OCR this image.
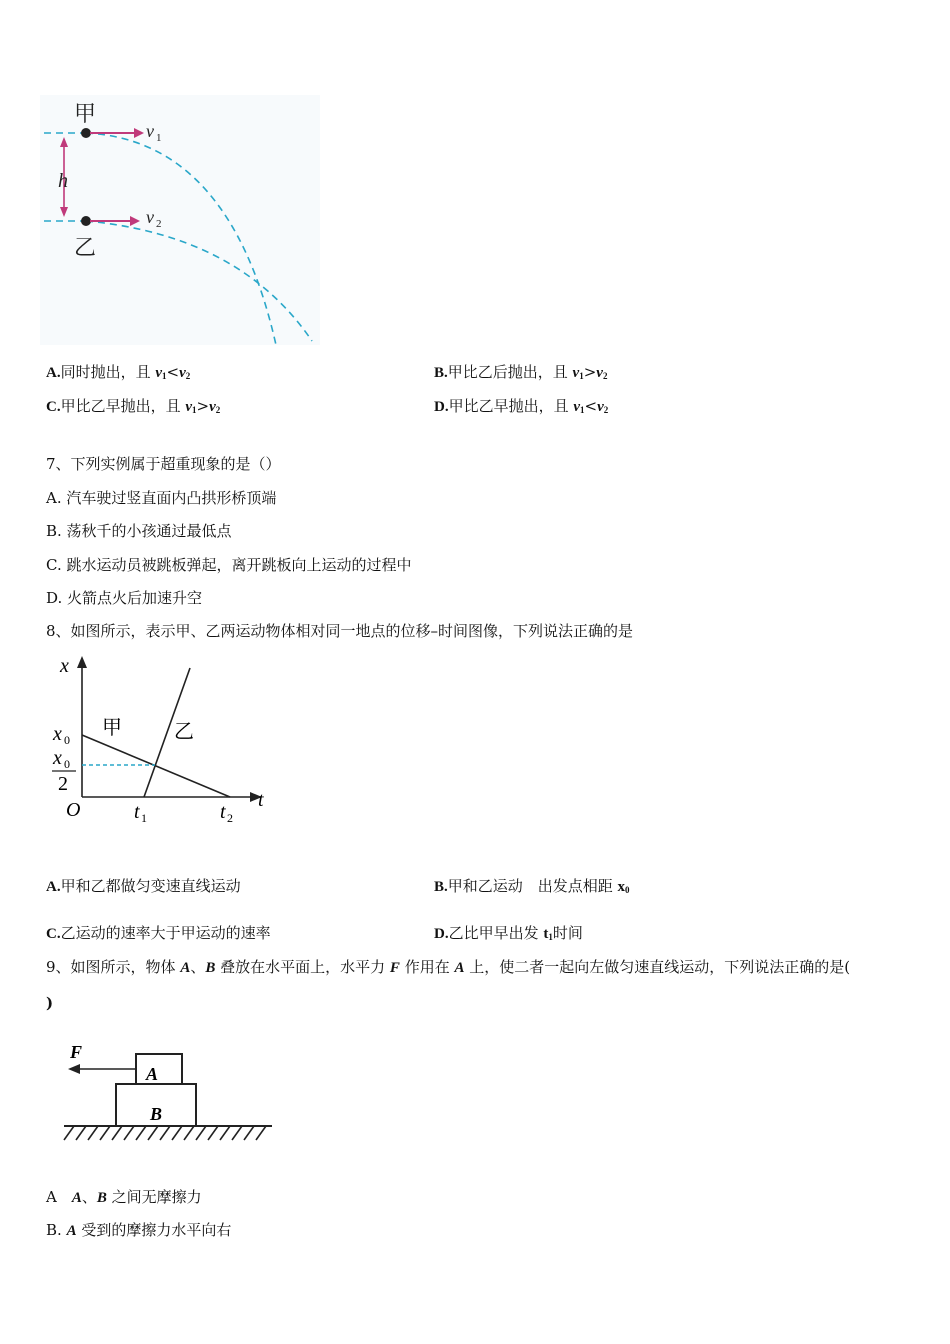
甲
乙
h
v 1
v 2
A.同时抛出，且 $v_1<v_2$	B.甲比乙后抛出，且 $v_1>v_2$
C.甲比乙早抛出，且 $v_1>v_2$	D.甲比乙早抛出，且 $v_1<v_2$
7、下列实例属于超重现象的是（）
A. 汽车驶过竖直面内凸拱形桥顶端
B. 荡秋千的小孩通过最低点
C. 跳水运动员被跳板弹起，离开跳板向上运动的过程中
D. 火箭点火后加速升空
8、如图所示，表示甲、乙两运动物体相对同一地点的位移–时间图像，下列说法正确的是
x
t
x 0
x 0
2
O	t 1	t 2
甲	乙
A.甲和乙都做匀变速直线运动	B.甲和乙运动　出发点相距 $x_0$
C.乙运动的速率大于甲运动的速率	D.乙比甲早出发 $t_1$时间
9、如图所示，物体 A、B 叠放在水平面上，水平力 F 作用在 A 上，使二者一起向左做匀速直线运动，下列说法正确的是(
)
F
A
B
A　A、B 之间无摩擦力
B. A 受到的摩擦力水平向右
